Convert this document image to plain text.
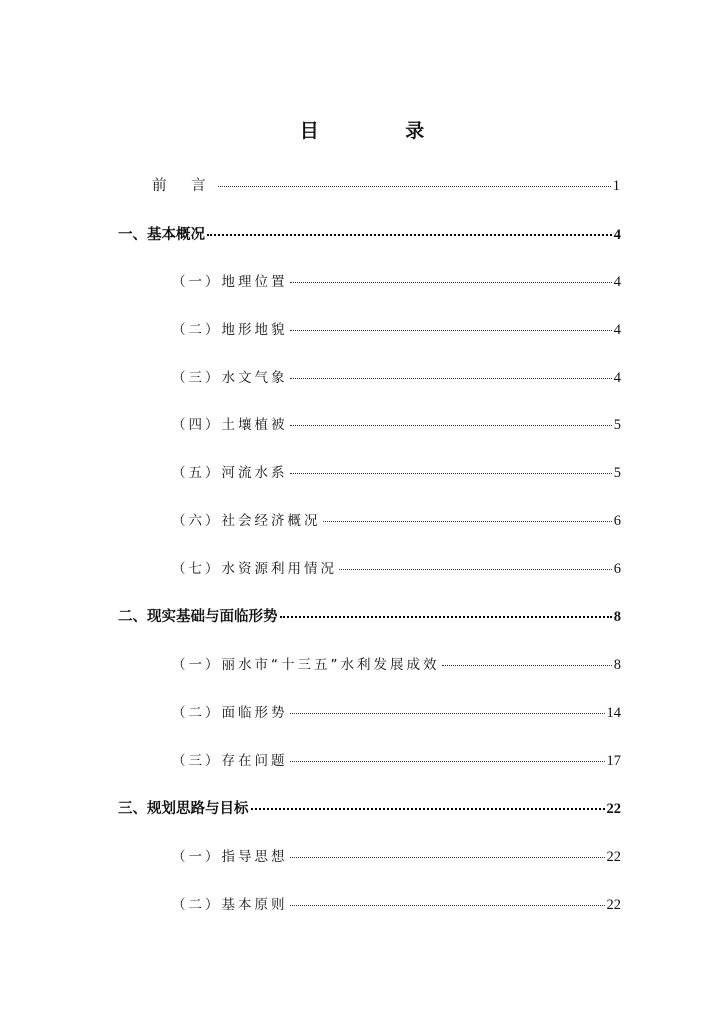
目 录
前 言	1
一、基本概况	4
（一）地理位置	4
（二）地形地貌	4
（三）水文气象	4
（四）土壤植被	5
（五）河流水系	5
（六）社会经济概况	6
（七）水资源利用情况	6
二、现实基础与面临形势	8
（一）丽水市“十三五”水利发展成效	8
（二）面临形势	14
（三）存在问题	17
三、规划思路与目标	22
（一）指导思想	22
（二）基本原则	22
